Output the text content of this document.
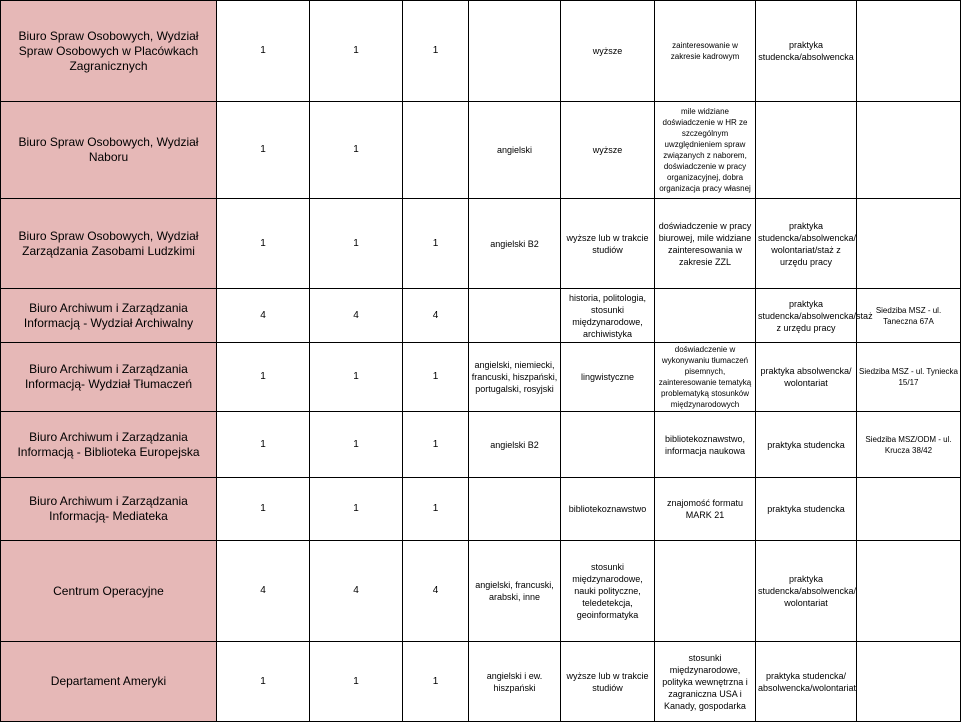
Biuro Spraw Osobowych, Wydział Spraw Osobowych w Placówkach Zagranicznych	1	1	1		wyższe	zainteresowanie w zakresie kadrowym	praktyka studencka/absolwencka	
Biuro Spraw Osobowych, Wydział Naboru	1	1		angielski	wyższe	mile widziane doświadczenie w HR ze szczególnym uwzględnieniem spraw związanych z naborem, doświadczenie w pracy organizacyjnej, dobra organizacja pracy własnej		
Biuro Spraw Osobowych, Wydział Zarządzania Zasobami Ludzkimi	1	1	1	angielski B2	wyższe lub w trakcie studiów	doświadczenie w pracy biurowej, mile widziane zainteresowania w zakresie ZZL	praktyka studencka/absolwencka/ wolontariat/staż z urzędu pracy	
Biuro Archiwum i Zarządzania Informacją - Wydział Archiwalny	4	4	4		historia, politologia, stosunki międzynarodowe, archiwistyka		praktyka studencka/absolwencka/staż z urzędu pracy	Siedziba MSZ - ul. Taneczna 67A
Biuro Archiwum i Zarządzania Informacją- Wydział Tłumaczeń	1	1	1	angielski, niemiecki, francuski, hiszpański, portugalski, rosyjski	lingwistyczne	doświadczenie w wykonywaniu tłumaczeń pisemnych, zainteresowanie tematyką problematyką stosunków międzynarodowych	praktyka absolwencka/ wolontariat	Siedziba MSZ - ul. Tyniecka 15/17
Biuro Archiwum i Zarządzania Informacją - Biblioteka Europejska	1	1	1	angielski B2		bibliotekoznawstwo, informacja naukowa	praktyka studencka	Siedziba MSZ/ODM - ul. Krucza 38/42
Biuro Archiwum i Zarządzania Informacją- Mediateka	1	1	1		bibliotekoznawstwo	znajomość formatu MARK 21	praktyka studencka	
Centrum Operacyjne	4	4	4	angielski, francuski, arabski, inne	stosunki międzynarodowe, nauki polityczne, teledetekcja, geoinformatyka		praktyka studencka/absolwencka/ wolontariat	
Departament Ameryki	1	1	1	angielski i ew. hiszpański	wyższe lub w trakcie studiów	stosunki międzynarodowe, polityka wewnętrzna i zagraniczna USA i Kanady, gospodarka	praktyka studencka/ absolwencka/wolontariat	
